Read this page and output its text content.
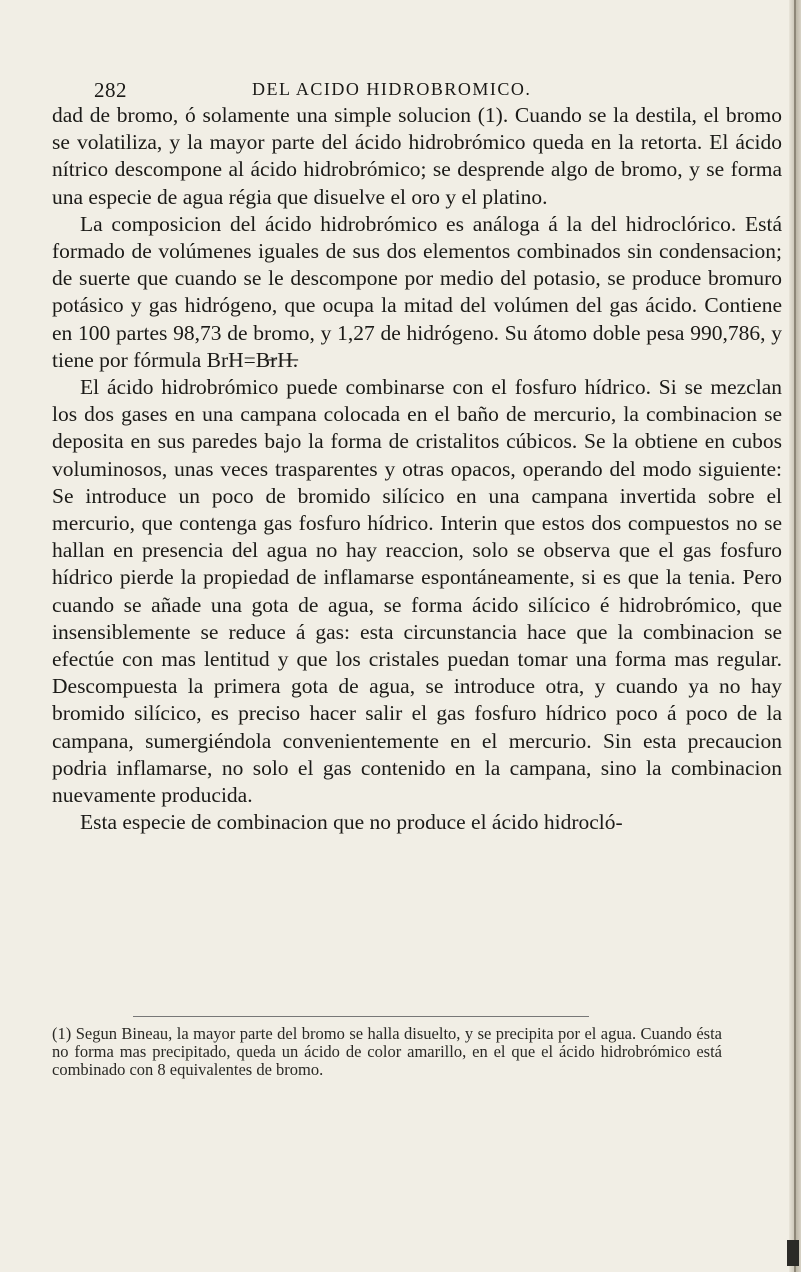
282	DEL ACIDO HIDROBROMICO.

dad de bromo, ó solamente una simple solucion (1). Cuando se la destila, el bromo se volatiliza, y la mayor parte del ácido hidrobrómico queda en la retorta. El ácido nítrico descompone al ácido hidrobrómico; se desprende algo de bromo, y se forma una especie de agua régia que disuelve el oro y el platino.

La composicion del ácido hidrobrómico es análoga á la del hidroclórico. Está formado de volúmenes iguales de sus dos elementos combinados sin condensacion; de suerte que cuando se le descompone por medio del potasio, se produce bromuro potásico y gas hidrógeno, que ocupa la mitad del volúmen del gas ácido. Contiene en 100 partes 98,73 de bromo, y 1,27 de hidrógeno. Su átomo doble pesa 990,786, y tiene por fórmula BrH=B̶rH̶.

El ácido hidrobrómico puede combinarse con el fosfuro hídrico. Si se mezclan los dos gases en una campana colocada en el baño de mercurio, la combinacion se deposita en sus paredes bajo la forma de cristalitos cúbicos. Se la obtiene en cubos voluminosos, unas veces trasparentes y otras opacos, operando del modo siguiente: Se introduce un poco de bromido silícico en una campana invertida sobre el mercurio, que contenga gas fosfuro hídrico. Interin que estos dos compuestos no se hallan en presencia del agua no hay reaccion, solo se observa que el gas fosfuro hídrico pierde la propiedad de inflamarse espontáneamente, si es que la tenia. Pero cuando se añade una gota de agua, se forma ácido silícico é hidrobrómico, que insensiblemente se reduce á gas: esta circunstancia hace que la combinacion se efectúe con mas lentitud y que los cristales puedan tomar una forma mas regular. Descompuesta la primera gota de agua, se introduce otra, y cuando ya no hay bromido silícico, es preciso hacer salir el gas fosfuro hídrico poco á poco de la campana, sumergiéndola convenientemente en el mercurio. Sin esta precaucion podria inflamarse, no solo el gas contenido en la campana, sino la combinacion nuevamente producida.

Esta especie de combinacion que no produce el ácido hidrocló-

(1) Segun Bineau, la mayor parte del bromo se halla disuelto, y se precipita por el agua. Cuando ésta no forma mas precipitado, queda un ácido de color amarillo, en el que el ácido hidrobrómico está combinado con 8 equivalentes de bromo.
